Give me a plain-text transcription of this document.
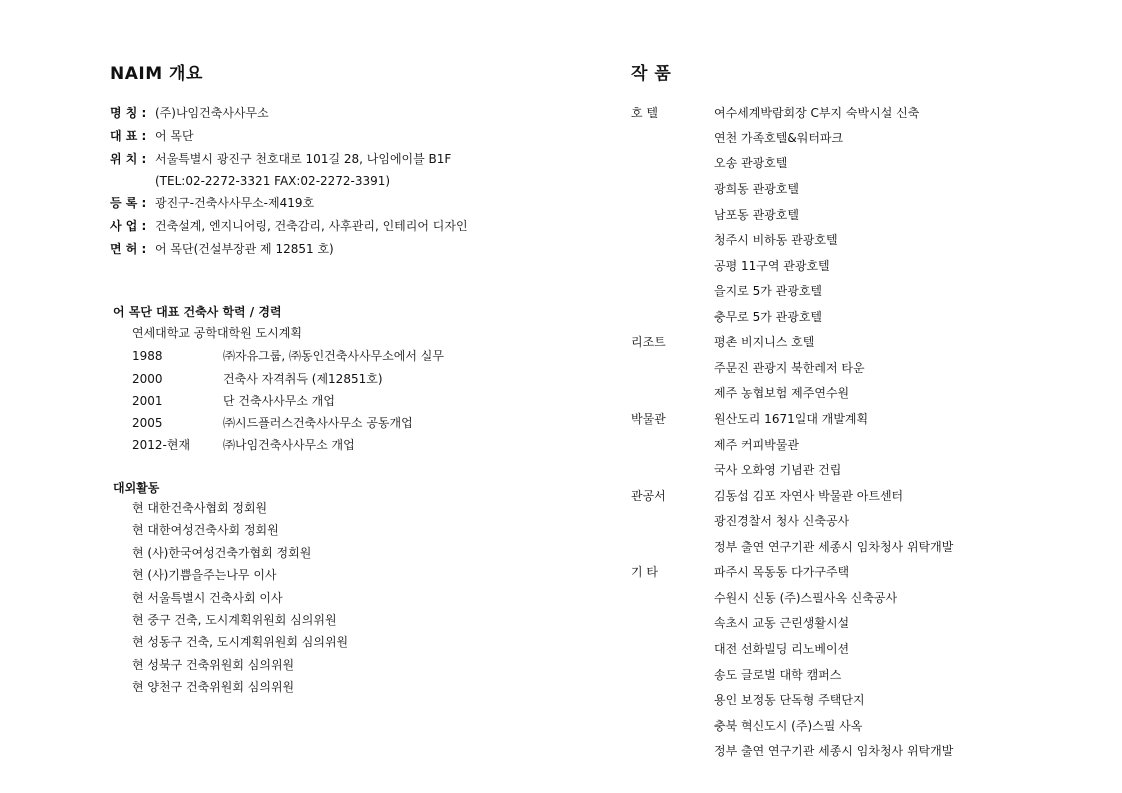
NAIM 개요
명 칭 : (주)나임건축사사무소
대 표 : 어 목단
위 치 : 서울특별시 광진구 천호대로 101길 28, 나임에이블 B1F
(TEL:02-2272-3321 FAX:02-2272-3391)
등 록 : 광진구-건축사사무소-제419호
사 업 : 건축설계, 엔지니어링, 건축감리, 사후관리, 인테리어 디자인
면 허 : 어 목단(건설부장관 제 12851 호)
어 목단 대표 건축사 학력 / 경력
연세대학교 공학대학원 도시계획
1988	㈜자유그룹, ㈜동인건축사사무소에서 실무
2000	건축사 자격취득 (제12851호)
2001	단 건축사사무소 개업
2005	㈜시드플러스건축사사무소 공동개업
2012-현재	㈜나임건축사사무소 개업
대외활동
현 대한건축사협회 정회원
현 대한여성건축사회 정회원
현 (사)한국여성건축가협회 정회원
현 (사)기쁨을주는나무 이사
현 서울특별시 건축사회 이사
현 중구 건축, 도시계획위원회 심의위원
현 성동구 건축, 도시계획위원회 심의위원
현 성북구 건축위원회 심의위원
현 양천구 건축위원회 심의위원
작 품
호 텔	여수세계박람회장 C부지 숙박시설 신축
연천 가족호텔&워터파크
오송 관광호텔
광희동 관광호텔
남포동 관광호텔
청주시 비하동 관광호텔
공평 11구역 관광호텔
을지로 5가 관광호텔
충무로 5가 관광호텔
리조트	평촌 비지니스 호텔
주문진 관광지 북한레저 타운
제주 농협보험 제주연수원
박물관	원산도리 1671일대 개발계획
제주 커피박물관
국사 오화영 기념관 건립
관공서	김동섭 김포 자연사 박물관 아트센터
광진경찰서 청사 신축공사
정부 출연 연구기관 세종시 임차청사 위탁개발
기 타	파주시 목동동 다가구주택
수원시 신동 (주)스필사옥 신축공사
속초시 교동 근린생활시설
대전 선화빌딩 리노베이션
송도 글로벌 대학 캠퍼스
용인 보정동 단독형 주택단지
충북 혁신도시 (주)스필 사옥
정부 출연 연구기관 세종시 임차청사 위탁개발
